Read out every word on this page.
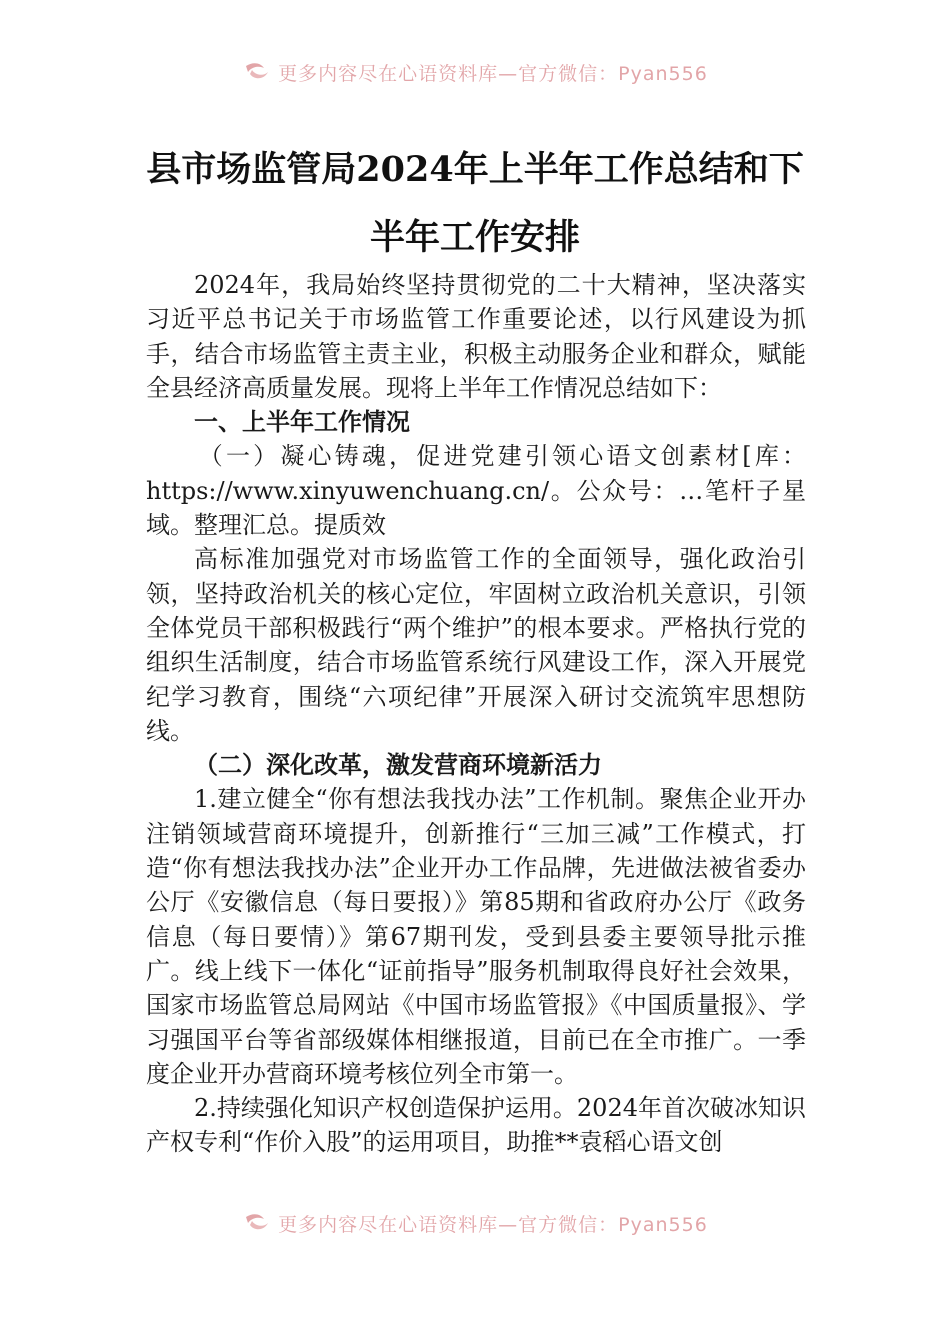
更多内容尽在心语资料库—官方微信：Pyan556
县市场监管局2024年上半年工作总结和下
半年工作安排

2024年，我局始终坚持贯彻党的二十大精神，坚决落实习近平总书记关于市场监管工作重要论述，以行风建设为抓手，结合市场监管主责主业，积极主动服务企业和群众，赋能全县经济高质量发展。现将上半年工作情况总结如下：

一、上半年工作情况

（一）凝心铸魂，促进党建引领心语文创素材[库：https://www.xinyuwenchuang.cn/。公众号：…笔杆子星域。整理汇总。提质效

高标准加强党对市场监管工作的全面领导，强化政治引领，坚持政治机关的核心定位，牢固树立政治机关意识，引领全体党员干部积极践行“两个维护”的根本要求。严格执行党的组织生活制度，结合市场监管系统行风建设工作，深入开展党纪学习教育，围绕“六项纪律”开展深入研讨交流筑牢思想防线。

（二）深化改革，激发营商环境新活力

1.建立健全“你有想法我找办法”工作机制。聚焦企业开办注销领域营商环境提升，创新推行“三加三减”工作模式，打造“你有想法我找办法”企业开办工作品牌，先进做法被省委办公厅《安徽信息（每日要报）》第85期和省政府办公厅《政务信息（每日要情）》第67期刊发，受到县委主要领导批示推广。线上线下一体化“证前指导”服务机制取得良好社会效果，国家市场监管总局网站《中国市场监管报》《中国质量报》、学习强国平台等省部级媒体相继报道，目前已在全市推广。一季度企业开办营商环境考核位列全市第一。

2.持续强化知识产权创造保护运用。2024年首次破冰知识产权专利“作价入股”的运用项目，助推**袁稻心语文创

更多内容尽在心语资料库—官方微信：Pyan556
